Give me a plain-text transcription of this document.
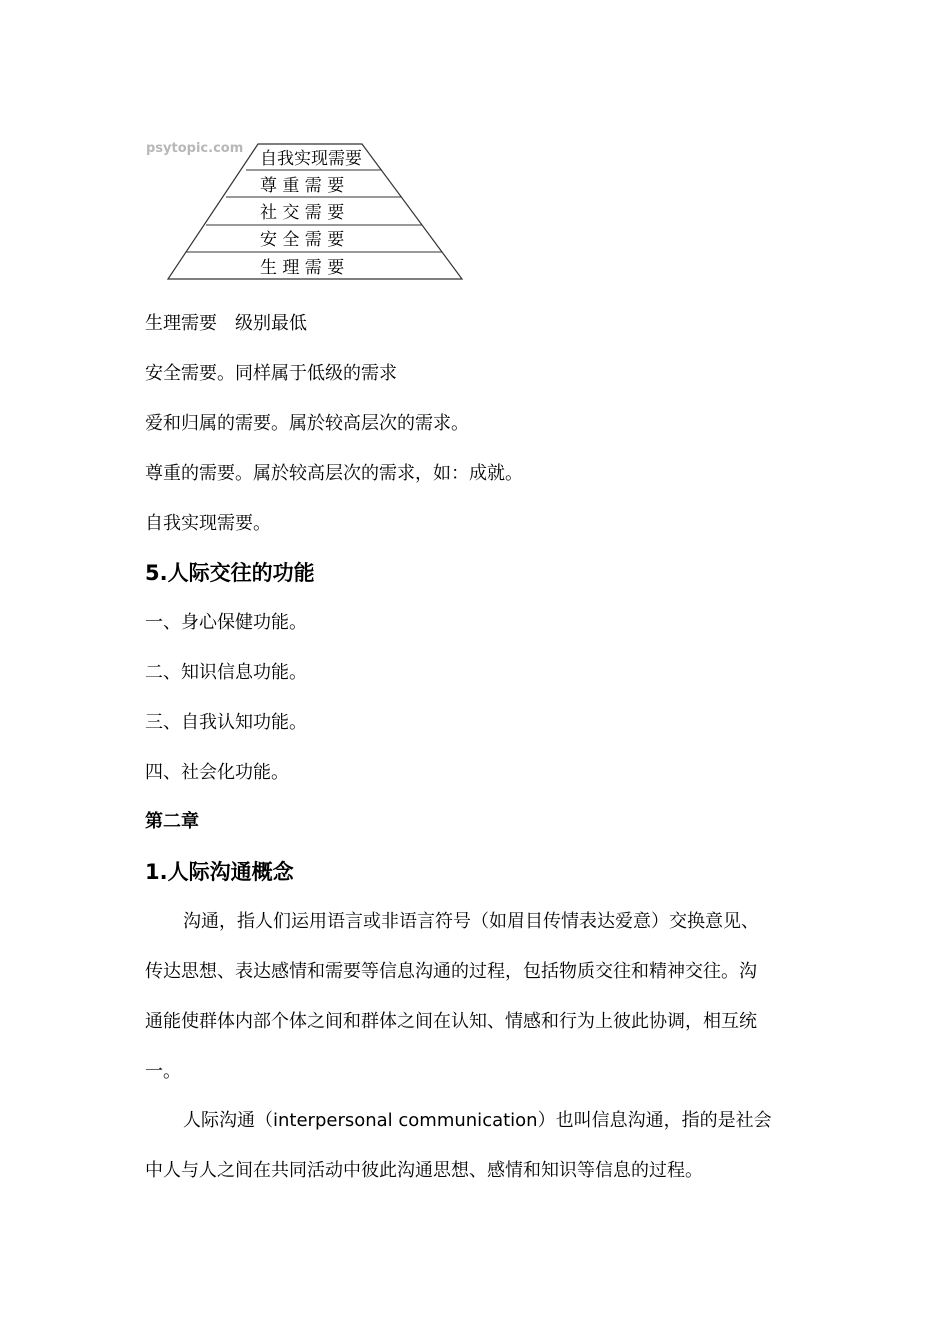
psytopic.com
自我实现需要
尊 重 需 要
社 交 需 要
安 全 需 要
生 理 需 要
生理需要　级别最低
安全需要。同样属于低级的需求
爱和归属的需要。属於较高层次的需求。
尊重的需要。属於较高层次的需求，如：成就。
自我实现需要。
5.人际交往的功能
一、身心保健功能。
二、知识信息功能。
三、自我认知功能。
四、社会化功能。
第二章
1.人际沟通概念
沟通，指人们运用语言或非语言符号（如眉目传情表达爱意）交换意见、
传达思想、表达感情和需要等信息沟通的过程，包括物质交往和精神交往。沟
通能使群体内部个体之间和群体之间在认知、情感和行为上彼此协调，相互统
一。
人际沟通（interpersonal communication）也叫信息沟通，指的是社会
中人与人之间在共同活动中彼此沟通思想、感情和知识等信息的过程。
